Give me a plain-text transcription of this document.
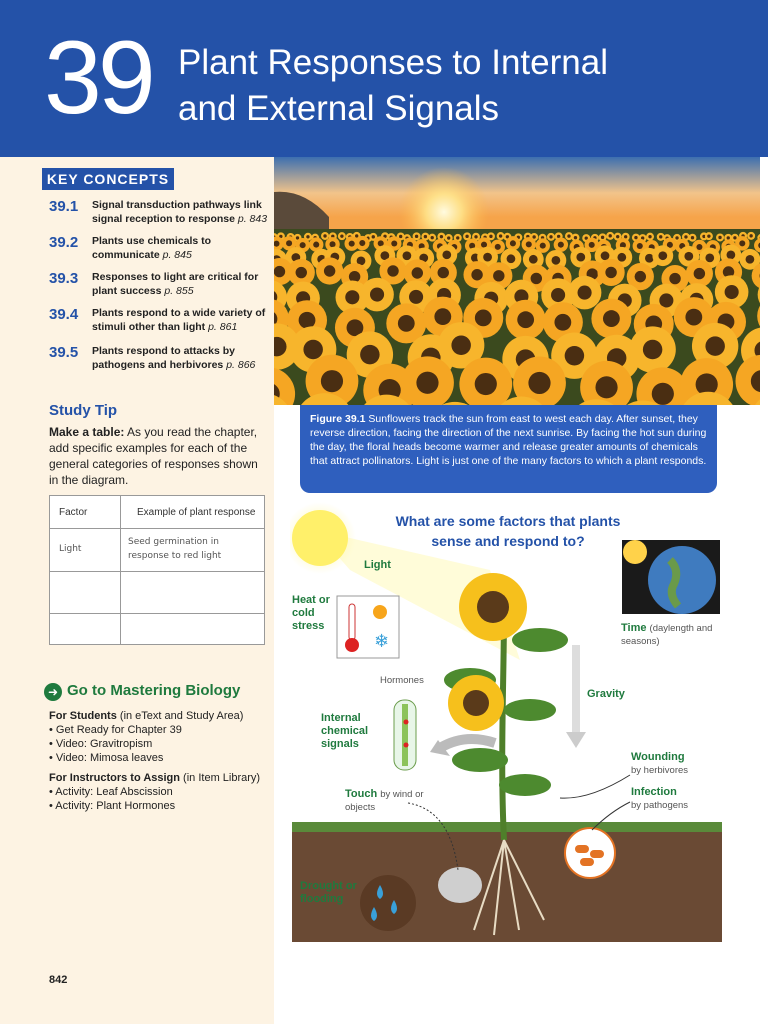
39 Plant Responses to Internal
and External Signals
KEY CONCEPTS
39.1 Signal transduction pathways link signal reception to response p. 843
39.2 Plants use chemicals to communicate p. 845
39.3 Responses to light are critical for plant success p. 855
39.4 Plants respond to a wide variety of stimuli other than light p. 861
39.5 Plants respond to attacks by pathogens and herbivores p. 866
Study Tip
Make a table: As you read the chapter, add specific examples for each of the general categories of responses shown in the diagram.
Factor	Example of plant response
Light
Seed germination in response to red light
➜ Go to Mastering Biology
For Students (in eText and Study Area)
• Get Ready for Chapter 39
• Video: Gravitropism
• Video: Mimosa leaves
For Instructors to Assign (in Item Library)
• Activity: Leaf Abscission
• Activity: Plant Hormones
842
Figure 39.1 Sunflowers track the sun from east to west each day. After sunset, they reverse direction, facing the direction of the next sunrise. By facing the hot sun during the day, the floral heads become warmer and release greater amounts of chemicals that attract pollinators. Light is just one of the many factors to which a plant responds.
❄
What are some factors that plants sense and respond to?
Light
Heat or cold stress
Hormones
Internal chemical signals
Time (daylength and seasons)
Gravity
Wounding
by herbivores
Infection
by pathogens
Touch by wind or objects
Drought or flooding
